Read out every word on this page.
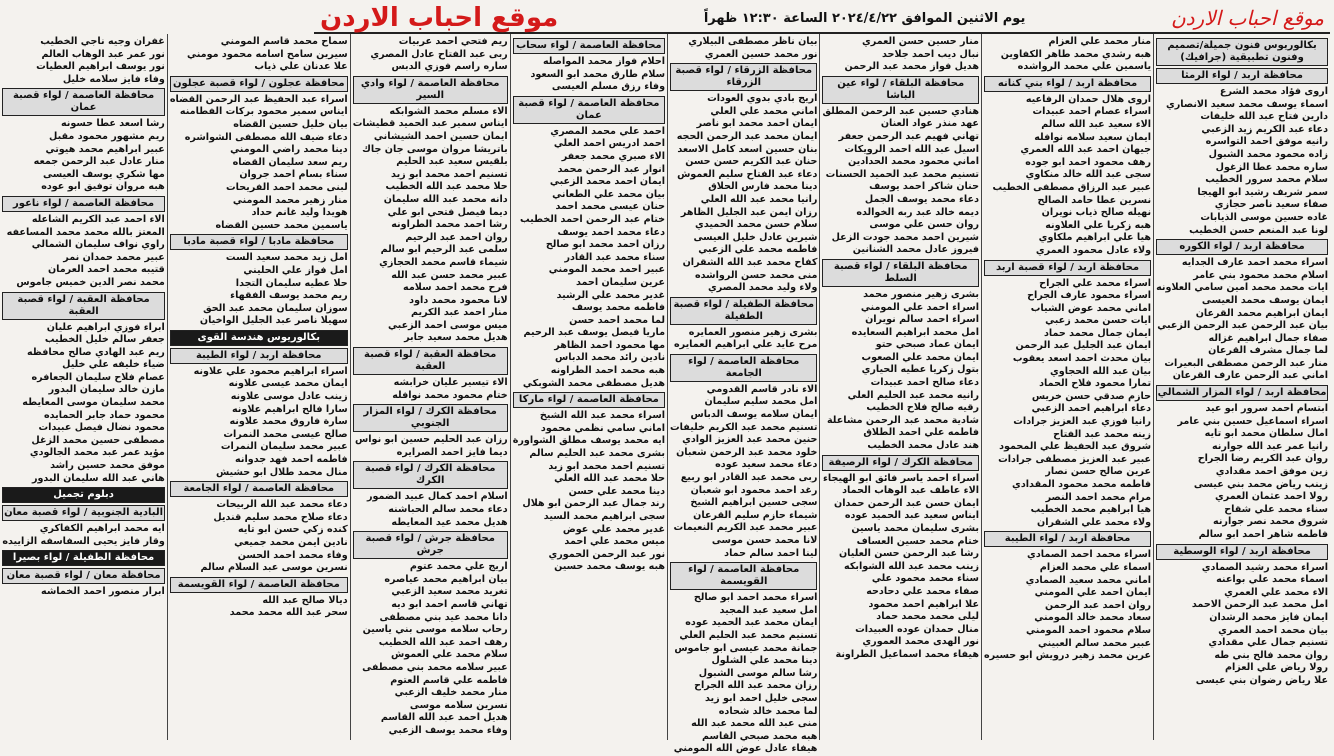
موقع احباب الاردن
يوم الاثنين الموافق ٢٠٢٤/٤/٢٢ الساعة ١٢:٣٠ ظهراً
موقع احباب الاردن
بكالوريوس فنون جميلة/تصميم وفنون تطبيقية (جرافيك)
محافظة اربد / لواء الرمثا
اروى فؤاد محمد الشرع
اسماء يوسف محمد سعيد الانصاري
دارين فتاح عبد الله خليفات
دعاء عبد الكريم زيد الزعبي
رانيه موفق احمد التواسره
زاده محمود محمد الشبول
ساره محمد عطا الزغول
سلام محمد سرور الخطيب
سمر شريف رشيد ابو الهيجا
صفاء سعيد ناصر حجازي
غاده حسين موسى الذيابات
لونا عبد المنعم حسن الخطيب
محافظة اربد / لواء الكوره
اسراء محمد احمد عارف الجدايه
اسلام محمد محمود بني عامر
ايات محمد محمد امين سامي العلاونه
ايمان يوسف محمد العيسى
ايمان ابراهيم محمد القرعان
بيان عبد الرحمن عبد الرحمن الزعبي
صفاء جمال ابراهيم غزاله
لما جمال مشرف القرعان
منار عبد الرحمن مصطفى البعيرات
اماني عبد الرحمن عارف القرعان
محافظة اربد / لواء المزار الشمالي
ابتسام احمد سرور ابو عيد
اسراء اسماعيل حسين بني عامر
امال سلطان محمد ابو تايه
رانيا عمر عبد الله جوارنه
روان عبد الكريم رضا الجراح
زين موفق احمد مقدادي
زينب رياض محمد بني عيسى
رولا احمد عثمان العمري
سناء محمد علي شقاح
شروق محمد نصر جوارنه
فاطمه شاهر احمد ابو سالم
محافظة اربد / لواء الوسطية
اسراء محمد رشيد الصمادي
اسماء محمد علي بواعنه
الاء محمد علي العمري
امل محمد عبد الرحمن الاحمد
ايمان فايز محمد الرشدان
بيان محمد احمد العمري
تسنيم جمال علي مقدادي
روان محمد فالح بني طه
رولا رياض علي العزام
علا رياض رضوان بني عيسى
منار محمد علي العزام
هبه رشدي محمد طاهر الكفاوين
ياسمين علي محمد الرواشده
محافظة اربد / لواء بني كنانه
اروى هلال حمدان الرفاعيه
اسراء عصام احمد عبيدات
الاء سعيد عبد الله سالم
ايمان سعيد سلامه نوافله
جيهان احمد عبد الله العمري
رهف محمود احمد ابو جوده
سجى عبد الله خالد منكاوي
عبير عبد الرزاق مصطفى الخطيب
نسرين عطا حامد الصالح
نهيله صالح ذياب نويران
هبه زكريا علي العلاونه
هيا علي ابراهيم ملكاوي
ولاء عادل محمود العمري
محافظة اربد / لواء قصبة اربد
اسراء محمد علي الجراح
اسراء محمود عارف الجراح
اماني محمد عوض الشياب
ايات حسن محمد زعبي
ايمان جمال محمد حماد
ايمان عبد الجليل عبد الرحمن
بيان محدث احمد اسعد يعقوب
بيان عبد الله الحجاوي
تمارا محمود فلاح الحماد
حازم صدقي حسن خريس
دعاء ابراهيم احمد الزعبي
رانيا فوزي عبد العزيز جرادات
زينه محمد عبد الفتاح
شروق عبد الحفيظ علي المحمود
عبير عبد العزيز مصطفى جرادات
عرين صالح حسن نصار
فاطمه محمد محمود المقدادي
مرام محمد احمد النصر
هيا ابراهيم محمد الخطيب
ولاء محمد علي الشقران
محافظة اربد / لواء الطيبة
اسراء محمد احمد الصمادي
اسماء علي محمد العزام
اماني محمد سعيد الصمادي
ايمان احمد علي المومني
روان احمد عبد الرحمن
سعاد محمد خالد المومني
سلام محمود احمد المومني
عبير محمد سالم العبيني
عرين محمد زهير درويش ابو حسيره
منار حسين حسن العمري
نبال ديب احمد جلاحد
هديل فواز محمد عبد الرحمن
محافظة البلقاء / لواء عين الباشا
هنادي حسين عبد الرحمن المطلق
عهد منذر عواد العنان
تهاني فهيم عبد الرحمن جعفر
اسيل عبد الله احمد الرويكات
اماني محمود محمد الحدادين
تسنيم محمد عبد الحميد الحسنات
حنان شاكر احمد يوسف
دعاء محمد يوسف الجمل
ديمه خالد عبد ربه الخوالده
روان حسن علي موسى
شيرين احمد محمد جودت الزعل
فيروز عادل محمد الشنانين
محافظة البلقاء / لواء قصبة السلط
بشرى زهير منصور محمد
اسراء احمد علي المومني
اسراء احمد سالم نويران
امل محمد ابراهيم السعايده
ايمان عماد صبحي حتو
ايمان محمد علي الصعوب
بتول زكريا عطيه الحياري
دعاء صالح احمد عبيدات
رانيه محمد عبد الحليم العلي
رقيه صالح فلاح الخطيب
شادية محمد عبد الرحمن مشاعلة
فاطمه علي احمد الطلاق
هند عادل محمد الخطيب
محافظة الكرك / لواء الرصيفة
اسراء احمد ياسر فائق ابو الهيجاء
الاء عاطف عبد الوهاب الحماد
ايمان حسن عبد الرحمن حمدان
ايناس سعيد عبد الحميد عوده
بشرى سليمان محمد ياسين
ختام محمد حسين العساف
رشا عبد الرحمن حسن العليان
زينب محمد عبد الله الشوابكه
سناء محمد محمود علي
صفاء محمد علي دحادحه
علا ابراهيم احمد محمود
ليلى محمد محمد حماد
منال حمدان عوده العبيدات
نور الهدى محمد العموري
هيفاء محمد اسماعيل الطراونة
بيان ناظر مصطفى البيلاري
نور محمد حسين العمري
محافظة الزرقاء / لواء قصبة الزرقاء
اريج بادي بدوي العودات
اماني محمد علي العلي
ايمان احمد محمد ابو ناصر
ايمان محمد عبد الرحمن الحجه
بنان حسين اسعد كامل الاسعد
حنان عبد الكريم حسن حسن
دعاء عبد الفتاح سليم العموش
دينا محمد فارس الحلاق
رانيا محمد عبد الله العلي
رزان ايمن عبد الجليل الظاهر
سلام حسن محمد الحميدي
شيرين عادل خليل العيسى
فاطمه محمد علي الزعبي
كفاح محمد عبد الله الشقران
منى محمد حسن الرواشده
ولاء وليد محمد المصري
محافظة الطفيلة / لواء قصبة الطفيلة
بشرى زهير منصور العمايره
مرح عايد علي ابراهيم العمايره
محافظة العاصمة / لواء الجامعة
الاء نادر قاسم القدومي
امل محمد سليم سليمان
ايمان سلامه يوسف الدباس
تسنيم محمد عبد الكريم خليفات
حنين محمد عبد العزيز الوادي
خلود محمد عبد الرحمن شعبان
دعاء محمد سعيد عوده
ربى محمد عبد القادر ابو ربيع
رغد احمد محمود ابو شعبان
سجى حسين ابراهيم الشيخ
شيماء حازم سليم القرعان
عبير محمد عبد الكريم النعيمات
لانا محمد حسن موسى
لينا احمد سالم حماد
محافظة العاصمة / لواء القويسمة
اسراء محمد احمد ابو صالح
امل سعيد عبد المجيد
ايمان محمد عبد الحميد عوده
تسنيم محمد عبد الحليم العلي
جمانة محمد عيسى ابو جاموس
دينا محمد علي الشلول
رشا سالم موسى الشبول
رزان محمد عبد الله الجراح
سجى خليل احمد ابو زيد
لما محمد خالد شحاده
منى عبد الله محمد عبد الله
هبه محمد صبحي القاسم
هيفاء عادل عوض الله المومني
محافظة العاصمة / لواء سحاب
احلام فواز محمد المواصله
سلام طارق محمد ابو السعود
وفاء رزق مسلم العيسى
محافظة العاصمة / لواء قصبة عمان
احمد علي محمد المصري
احمد ادريس احمد العلي
الاء صبري محمد جعفر
انوار عبد الرحمن محمد
ايمان احمد محمد الزعبي
بيان محمد علي الطعاني
حنان عيسى محمد احمد
ختام عبد الرحمن احمد الخطيب
دعاء محمد احمد يوسف
رزان احمد محمد ابو صالح
سناء محمد عبد القادر
عبير احمد محمد المومني
عرين سليمان احمد
غدير محمد علي الرشيد
فاطمه محمد يوسف
لما محمد احمد حسن
ماريا فيصل يوسف عبد الرحيم
مها محمود احمد الظاهر
نادين رائد محمد الدباس
هبه محمد احمد الطراونه
هديل مصطفى محمد الشوبكي
محافظة العاصمة / لواء ماركا
اسراء محمد عبد الله الشيخ
اماني سامي نظمي محمود
ايه محمد يوسف مطلق الشواورة
بشرى محمد عبد الحليم سالم
تسنيم احمد محمد ابو زيد
حلا محمد عبد الله العلي
دينا محمد علي حسن
رند جمال عبد الرحمن ابو هلال
سجى ابراهيم محمد السيد
غدير محمد علي عوض
ميس محمد علي احمد
نور عبد الرحمن الحموري
هبه يوسف محمد حسين
ريم فتحي احمد عربيات
ربى عبد الفتاح عادل المصري
ساره راسم فوزي الدبس
محافظة العاصمة / لواء وادي السير
الاء مسلم محمد الشوابكه
ايناس سمير عبد الحميد قطيشات
ايمان حسين احمد الشيشاني
باتريشا مروان موسى جان جاك
بلقيس سعيد عبد الحليم
تسنيم احمد محمد ابو زيد
حلا محمد عبد الله الخطيب
دانه محمد عبد الله سليمان
ديما فيصل فتحي ابو علي
رشا احمد محمد الطراونه
روان احمد عبد الرحيم
سلمى عبد الرحيم ابو سالم
شيماء قاسم محمد الحجازي
عبير محمد حسن عبد الله
فرح محمد احمد سلامه
لانا محمود محمد داود
منار احمد عبد الكريم
ميس موسى احمد الزعبي
هديل محمد سعيد جابر
محافظة العقبة / لواء قصبة العقبة
الاء تيسير عليان خرابشه
ختام محمود محمد نوافله
محافظة الكرك / لواء المزار الجنوبي
رزان عبد الحليم حسين ابو نواس
ديما فايز احمد الصرايره
محافظة الكرك / لواء قصبة الكرك
اسلام احمد كمال عبيد الضمور
دعاء محمد سالم الحباشنه
هديل محمد عيد المعايطه
محافظة جرش / لواء قصبة جرش
اريج علي محمد عتوم
بيان ابراهيم محمد عياصره
تغريد محمد سعيد الزعبي
تهاني قاسم احمد ابو ديه
دانا محمد عيد بني مصطفى
رحاب سلامه موسى بني ياسين
رهف احمد عبد الله الخطيب
سلام محمد علي العموش
عبير سلامه محمد بني مصطفى
فاطمه علي قاسم العتوم
منار محمد خليف الزعبي
نسرين سلامه موسى
هديل احمد عبد الله القاسم
وفاء محمد يوسف الزعبي
سماح محمد قاسم المومني
سيرين سامح اسامه محمود مومني
علا عدنان علي ذياب
محافظة عجلون / لواء قصبة عجلون
اسراء عبد الحفيظ عبد الرحمن القضاه
ايناس سمير محمود بركات الفطامنه
بيان خليل حسين القضاه
دعاء ضيف الله مصطفى الشواشره
دينا محمد راضي المومني
ريم سعد سليمان القضاه
سناء بسام احمد جروان
لبنى محمد احمد الفريحات
منار زهير محمد المومني
هويدا وليد غانم حداد
ياسمين محمد حسين القضاه
محافظة مادبا / لواء قصبة مادبا
امل زيد محمد سعيد الست
امل فواز علي الحليني
حلا عطيه سليمان التجدا
ريم محمد يوسف الفقهاء
سوزان سليمان محمد عبد الحق
سهيلا ناصر عبد الجليل الواخيان
بكالوريوس هندسة القوى
محافظة اربد / لواء الطيبة
اسراء ابراهيم محمود علي علاونه
ايمان محمد عيسى علاونه
زينب عادل موسى علاونه
سارا فالح ابراهيم علاونه
سارة فاروق محمد علاونه
صالح عيسى محمد النمرات
عبير محمد سليمان النمرات
فاطمه احمد فهد جدوانه
منال محمد طلال ابو حشيش
محافظة العاصمة / لواء الجامعة
دعاء محمد عبد الله الربيحات
دعاء صلاح محمد سليم قنديل
كنده زكي حسن ابو تايه
نادين ايمن محمد جميعي
وفاء محمد احمد الحسن
نسرين موسى عبد السلام سالم
محافظة العاصمة / لواء القويسمة
ديالا صالح عبد الله
سحر عبد الله محمد محمد
غفران وجيه ناجي الخطيب
نور عمر عبد الوهاب العالم
نور يوسف ابراهيم العطيات
وفاء فايز سلامه خليل
محافظة العاصمة / لواء قصبة عمان
رشا اسعد عطا حسونه
ريم مشهور محمود مقبل
عبير ابراهيم محمد هيوتي
منار عادل عبد الرحمن جمعه
مها شكري يوسف العيسى
هبه مروان توفيق ابو عوده
محافظة العاصمة / لواء ناعور
الاء احمد عبد الكريم الشاعله
المعتز بالله محمد محمد المساعفه
راوي نواف سليمان الشمالي
عبير محمد حمدان نمر
قتيبه محمد احمد العرمان
محمد نصر الدين خميس جاموس
محافظة العقبة / لواء قصبة العقبة
ابراء فوزي ابراهيم عليان
جعفر سالم خليل الخطيب
ريم عبد الهادي صالح محافظه
ضياء خليفه علي خليل
عصام فلاح سليمان الجعافره
مازن خالد سليمان البدور
محمد سليمان موسى المعايطه
محمود حماد جابر الحمايده
محمود نضال فيصل عبيدات
مصطفى حسين محمد الزغل
مؤيد عمر عبد محمد الجالودي
موفق محمد حسين راشد
هاني عبد الله سليمان البدور
دبلوم تجميل
البادية الجنوبية / لواء قصبة معان
ايه محمد ابراهيم الكفاكري
وقار فايز يحيى السفاسفه الزاييده
محافظة الطفيلة / لواء بصيرا
محافظة معان / لواء قصبة معان
ابرار منصور احمد الخماشه
